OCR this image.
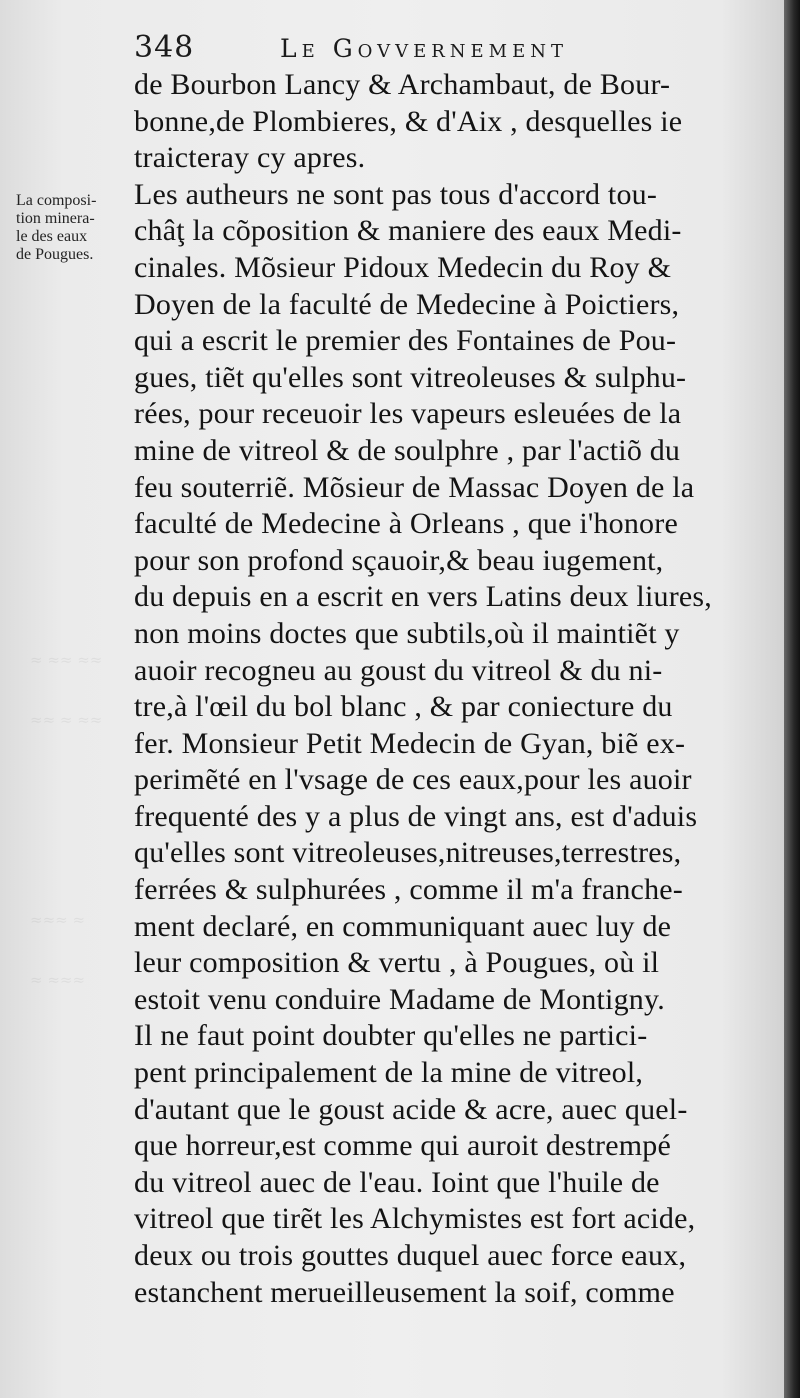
≈ ≈≈ ≈≈

≈≈ ≈ ≈≈

≈≈≈ ≈

≈ ≈≈≈

348	Le Govvernement
La composi-
tion minera-
le des eaux
de Pougues.
de Bourbon Lancy & Archambaut, de Bour-
bonne,de Plombieres, & d'Aix , desquelles ie
traicteray cy apres.
Les autheurs ne sont pas tous d'accord tou-
châţ la cõposition & maniere des eaux Medi-
cinales. Mõsieur Pidoux Medecin du Roy &
Doyen de la faculté de Medecine à Poictiers,
qui a escrit le premier des Fontaines de Pou-
gues, tiẽt qu'elles sont vitreoleuses & sulphu-
rées, pour receuoir les vapeurs esleuées de la
mine de vitreol & de soulphre , par l'actiõ du
feu souterriẽ. Mõsieur de Massac Doyen de la
faculté de Medecine à Orleans , que i'honore
pour son profond sçauoir,& beau iugement,
du depuis en a escrit en vers Latins deux liures,
non moins doctes que subtils,où il maintiẽt y
auoir recogneu au goust du vitreol & du ni-
tre,à l'œil du bol blanc , & par coniecture du
fer. Monsieur Petit Medecin de Gyan, biẽ ex-
perimẽté en l'vsage de ces eaux,pour les auoir
frequenté des y a plus de vingt ans, est d'aduis
qu'elles sont vitreoleuses,nitreuses,terrestres,
ferrées & sulphurées , comme il m'a franche-
ment declaré, en communiquant auec luy de
leur composition & vertu , à Pougues, où il
estoit venu conduire Madame de Montigny.
Il ne faut point doubter qu'elles ne partici-
pent principalement de la mine de vitreol,
d'autant que le goust acide & acre, auec quel-
que horreur,est comme qui auroit destrempé
du vitreol auec de l'eau. Ioint que l'huile de
vitreol que tirẽt les Alchymistes est fort acide,
deux ou trois gouttes duquel auec force eaux,
estanchent merueilleusement la soif, comme
